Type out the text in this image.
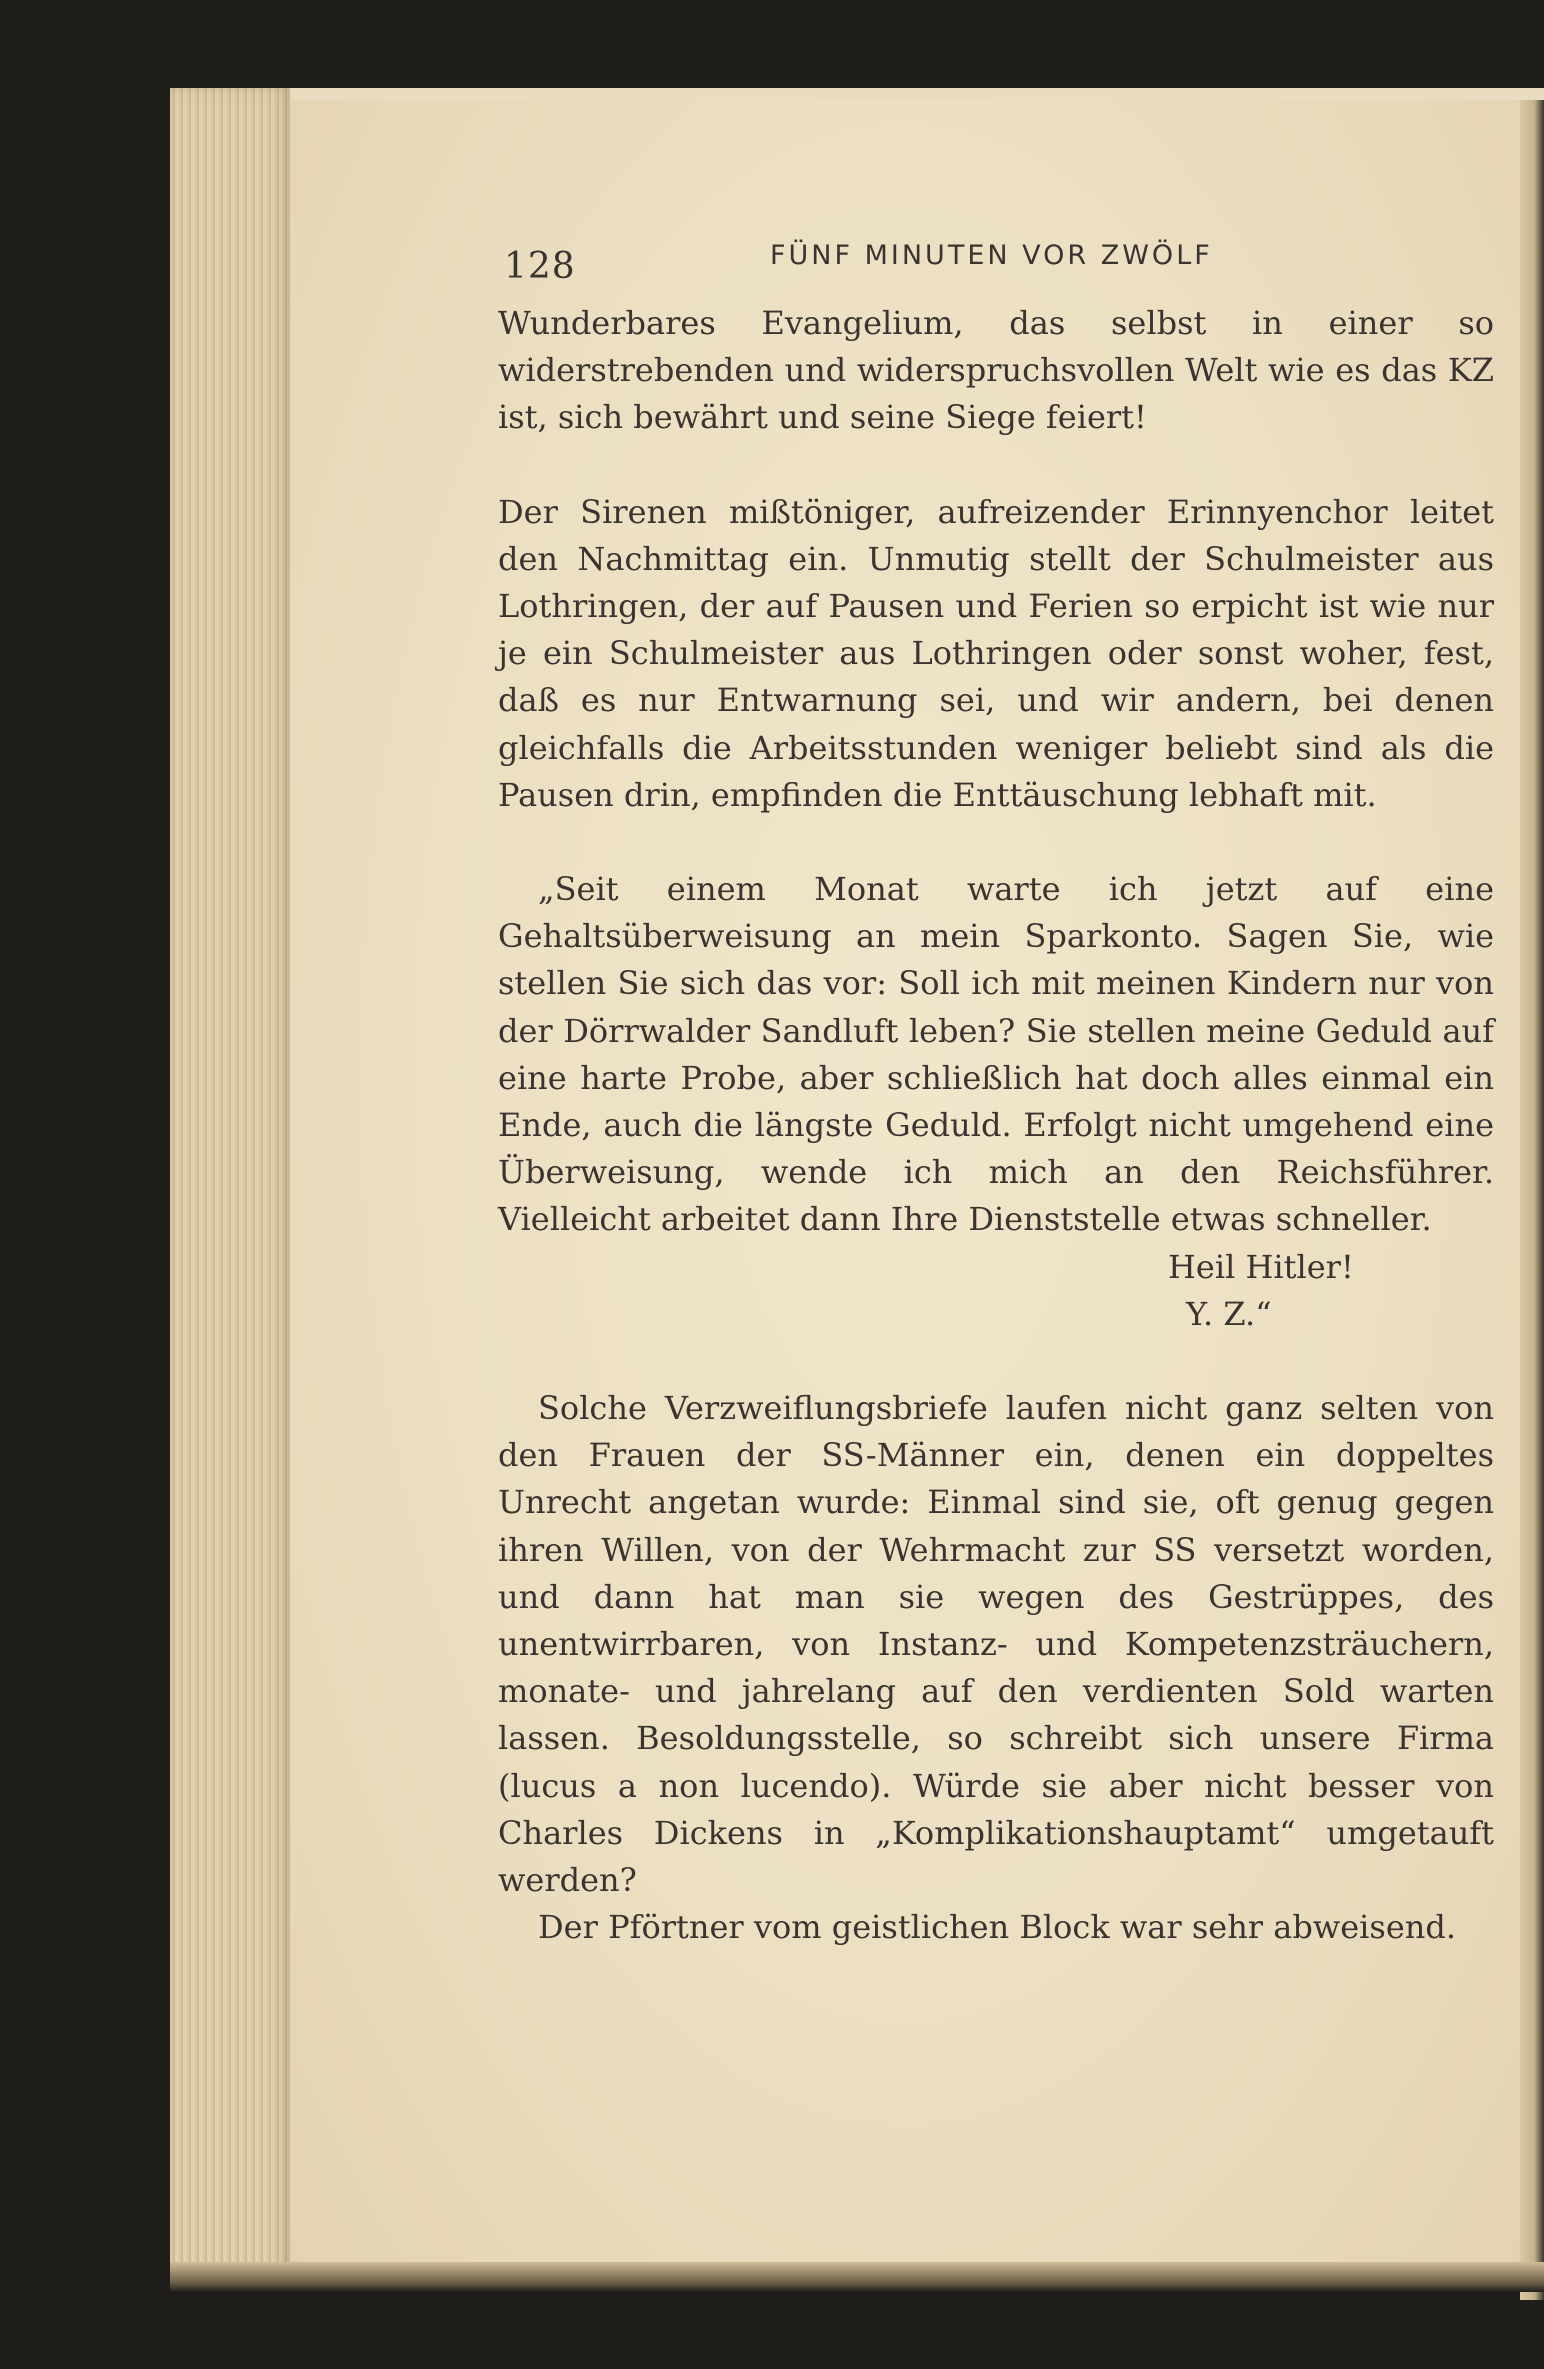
128	FÜNF MINUTEN VOR ZWÖLF

Wunderbares Evangelium, das selbst in einer so widerstrebenden und widerspruchsvollen Welt wie es das KZ ist, sich bewährt und seine Siege feiert!

Der Sirenen mißtöniger, aufreizender Erinnyenchor leitet den Nachmittag ein. Unmutig stellt der Schulmeister aus Lothringen, der auf Pausen und Ferien so erpicht ist wie nur je ein Schulmeister aus Lothringen oder sonst woher, fest, daß es nur Entwarnung sei, und wir andern, bei denen gleichfalls die Arbeitsstunden weniger beliebt sind als die Pausen drin, empfinden die Enttäuschung lebhaft mit.

„Seit einem Monat warte ich jetzt auf eine Gehaltsüberweisung an mein Sparkonto. Sagen Sie, wie stellen Sie sich das vor: Soll ich mit meinen Kindern nur von der Dörrwalder Sandluft leben? Sie stellen meine Geduld auf eine harte Probe, aber schließlich hat doch alles einmal ein Ende, auch die längste Geduld. Erfolgt nicht umgehend eine Überweisung, wende ich mich an den Reichsführer. Vielleicht arbeitet dann Ihre Dienststelle etwas schneller.

Heil Hitler!

Y. Z.“

Solche Verzweiflungsbriefe laufen nicht ganz selten von den Frauen der SS-Männer ein, denen ein doppeltes Unrecht angetan wurde: Einmal sind sie, oft genug gegen ihren Willen, von der Wehrmacht zur SS versetzt worden, und dann hat man sie wegen des Gestrüppes, des unentwirrbaren, von Instanz- und Kompetenzsträuchern, monate- und jahrelang auf den verdienten Sold warten lassen. Besoldungsstelle, so schreibt sich unsere Firma (lucus a non lucendo). Würde sie aber nicht besser von Charles Dickens in „Komplikationshauptamt“ umgetauft werden?

Der Pförtner vom geistlichen Block war sehr abweisend.
